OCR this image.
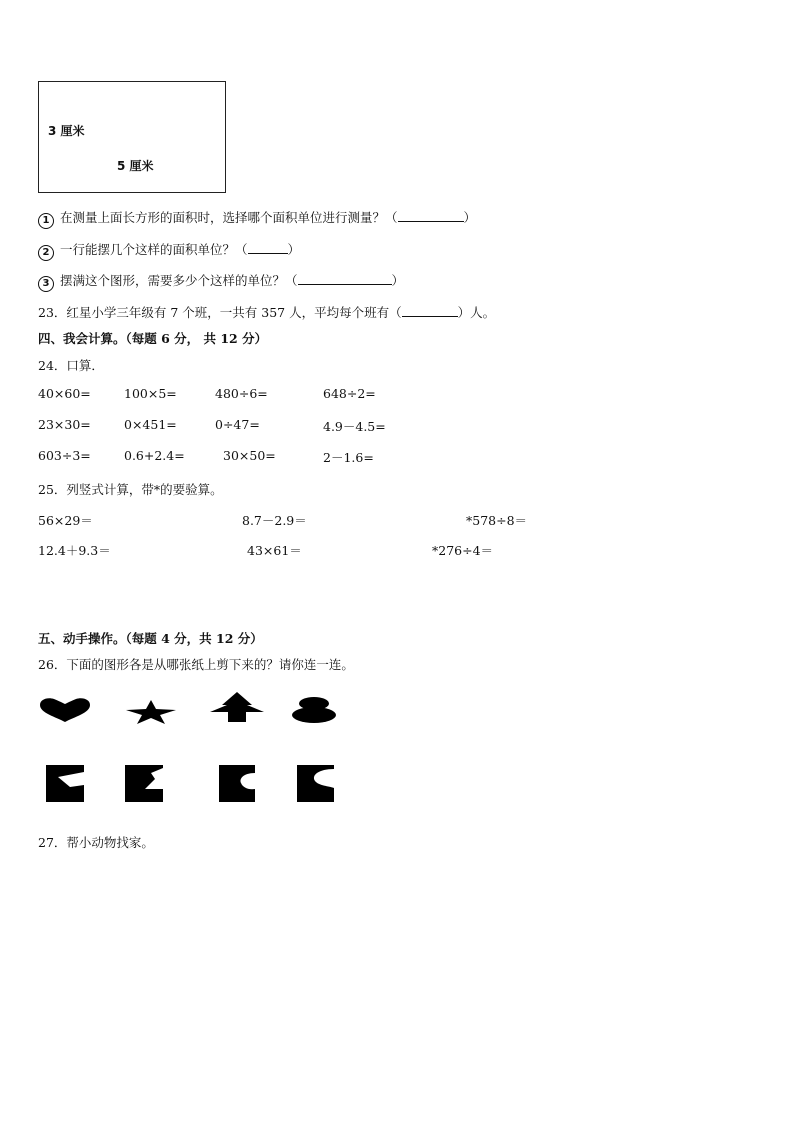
3 厘米
5 厘米
1 在测量上面长方形的面积时，选择哪个面积单位进行测量？（	）
2 一行能摆几个这样的面积单位？（	）
3 摆满这个图形，需要多少个这样的单位？（	）
23．红星小学三年级有 7 个班，一共有 357 人，平均每个班有（	）人。
四、我会计算。（每题 6 分， 共 12 分）
24．口算．
40×60=	100×5=	480÷6=	648÷2=
23×30=	0×451=	0÷47=	4.9－4.5=
603÷3=	0.6+2.4=	30×50=	2－1.6=
25．列竖式计算，带*的要验算。
56×29＝	8.7－2.9＝	*578÷8＝
12.4＋9.3＝	43×61＝	*276÷4＝
五、动手操作。（每题 4 分，共 12 分）
26．下面的图形各是从哪张纸上剪下来的？请你连一连。
27．帮小动物找家。
